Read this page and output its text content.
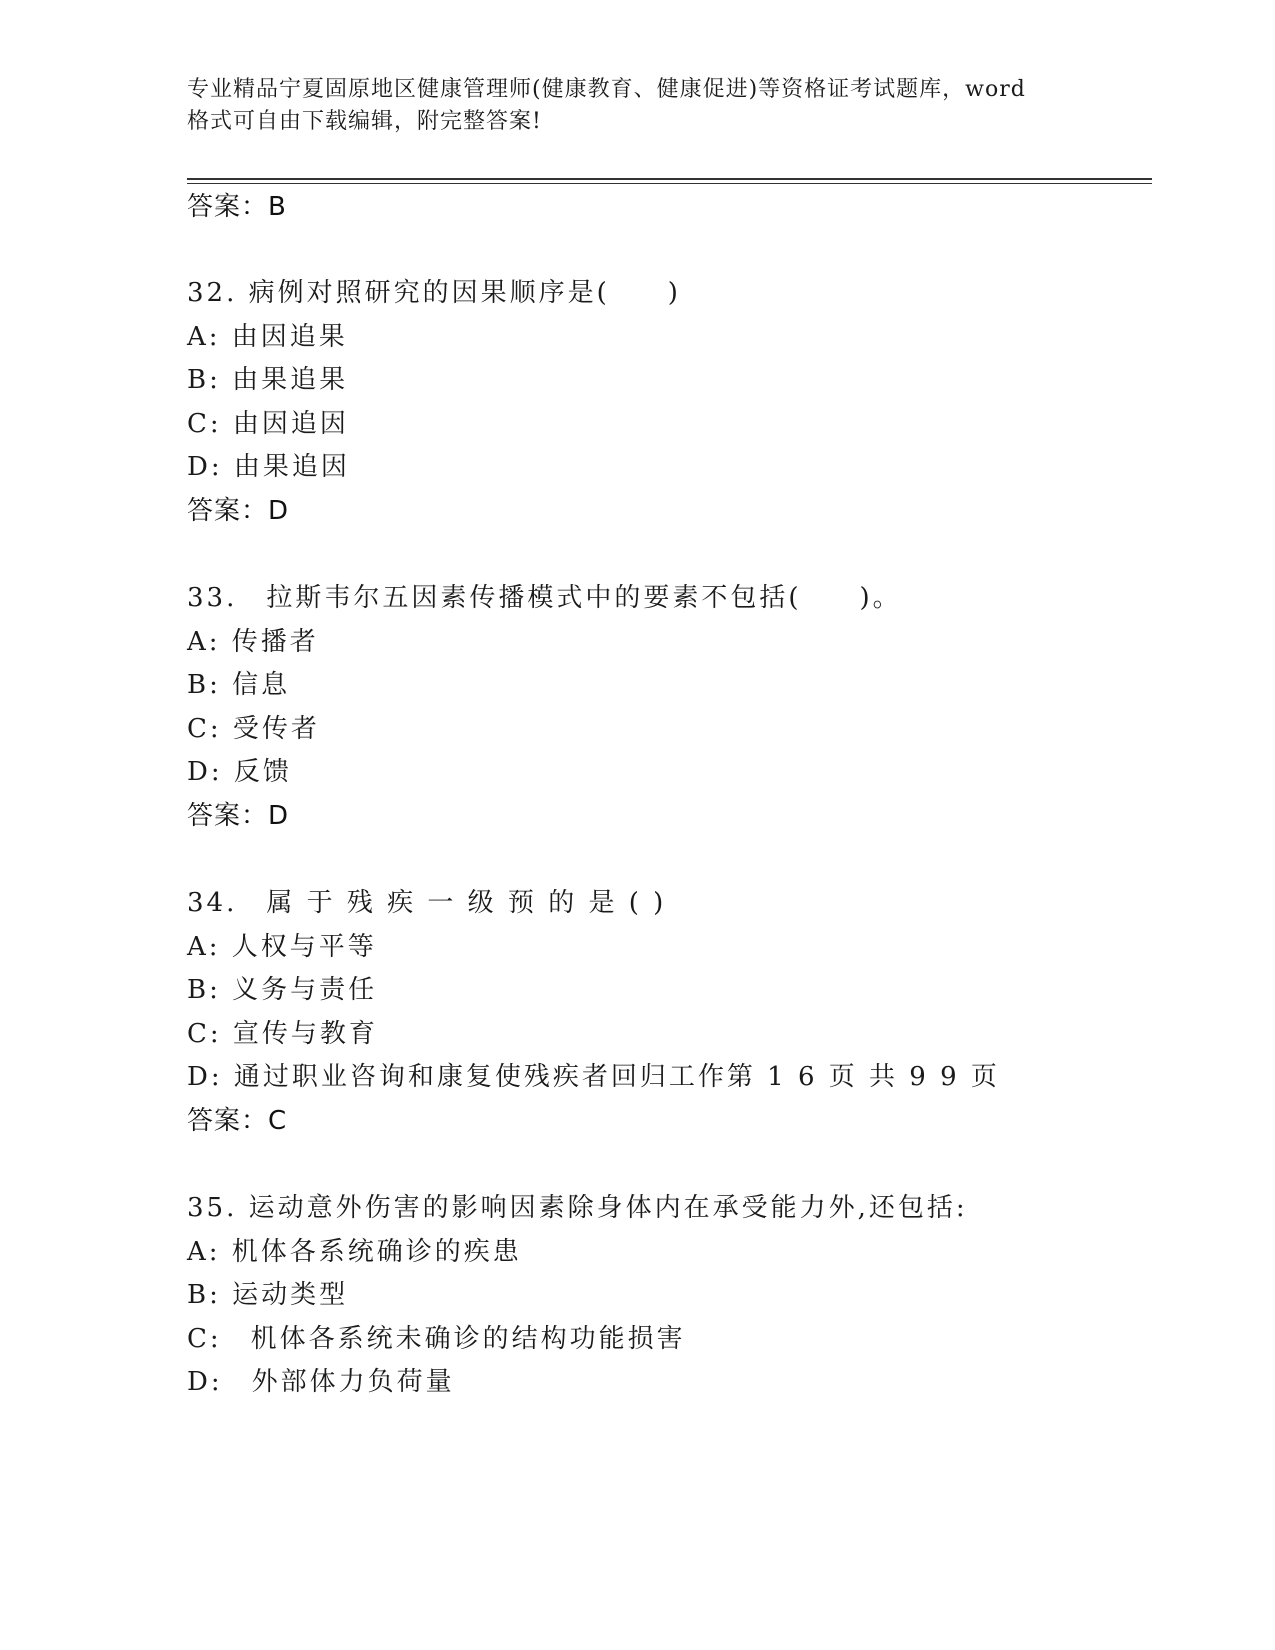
专业精品宁夏固原地区健康管理师(健康教育、健康促进)等资格证考试题库，word
格式可自由下载编辑，附完整答案!
答案：B
32. 病例对照研究的因果顺序是(　　)
A: 由因追果
B: 由果追果
C: 由因追因
D: 由果追因
答案：D
33.　拉斯韦尔五因素传播模式中的要素不包括(　　)。
A: 传播者
B: 信息
C: 受传者
D: 反馈
答案：D
34.　属 于 残 疾 一 级 预 的 是 ( )
A: 人权与平等
B: 义务与责任
C: 宣传与教育
D: 通过职业咨询和康复使残疾者回归工作第 1 6 页 共 9 9 页
答案：C
35. 运动意外伤害的影响因素除身体内在承受能力外,还包括:
A: 机体各系统确诊的疾患
B: 运动类型
C:　机体各系统未确诊的结构功能损害
D:　外部体力负荷量
